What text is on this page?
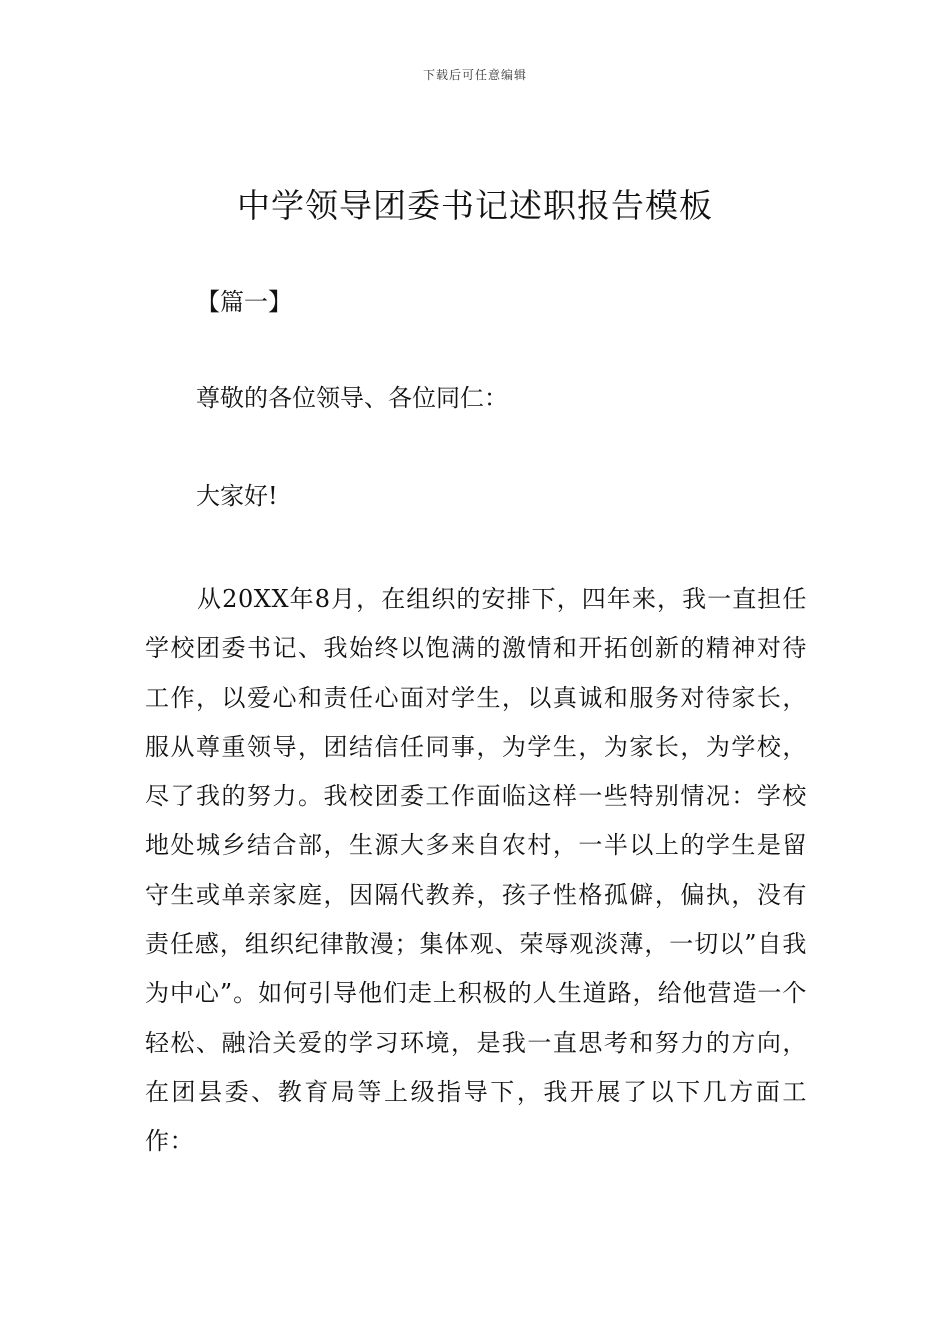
下载后可任意编辑
中学领导团委书记述职报告模板
【篇一】
尊敬的各位领导、各位同仁：
大家好!

从20XX年8月，在组织的安排下，四年来，我一直担任学校团委书记、我始终以饱满的激情和开拓创新的精神对待工作，以爱心和责任心面对学生，以真诚和服务对待家长，服从尊重领导，团结信任同事，为学生，为家长，为学校，尽了我的努力。我校团委工作面临这样一些特别情况：学校地处城乡结合部，生源大多来自农村，一半以上的学生是留守生或单亲家庭，因隔代教养，孩子性格孤僻，偏执，没有责任感，组织纪律散漫；集体观、荣辱观淡薄，一切以”自我为中心”。如何引导他们走上积极的人生道路，给他营造一个轻松、融洽关爱的学习环境，是我一直思考和努力的方向，在团县委、教育局等上级指导下，我开展了以下几方面工作：
